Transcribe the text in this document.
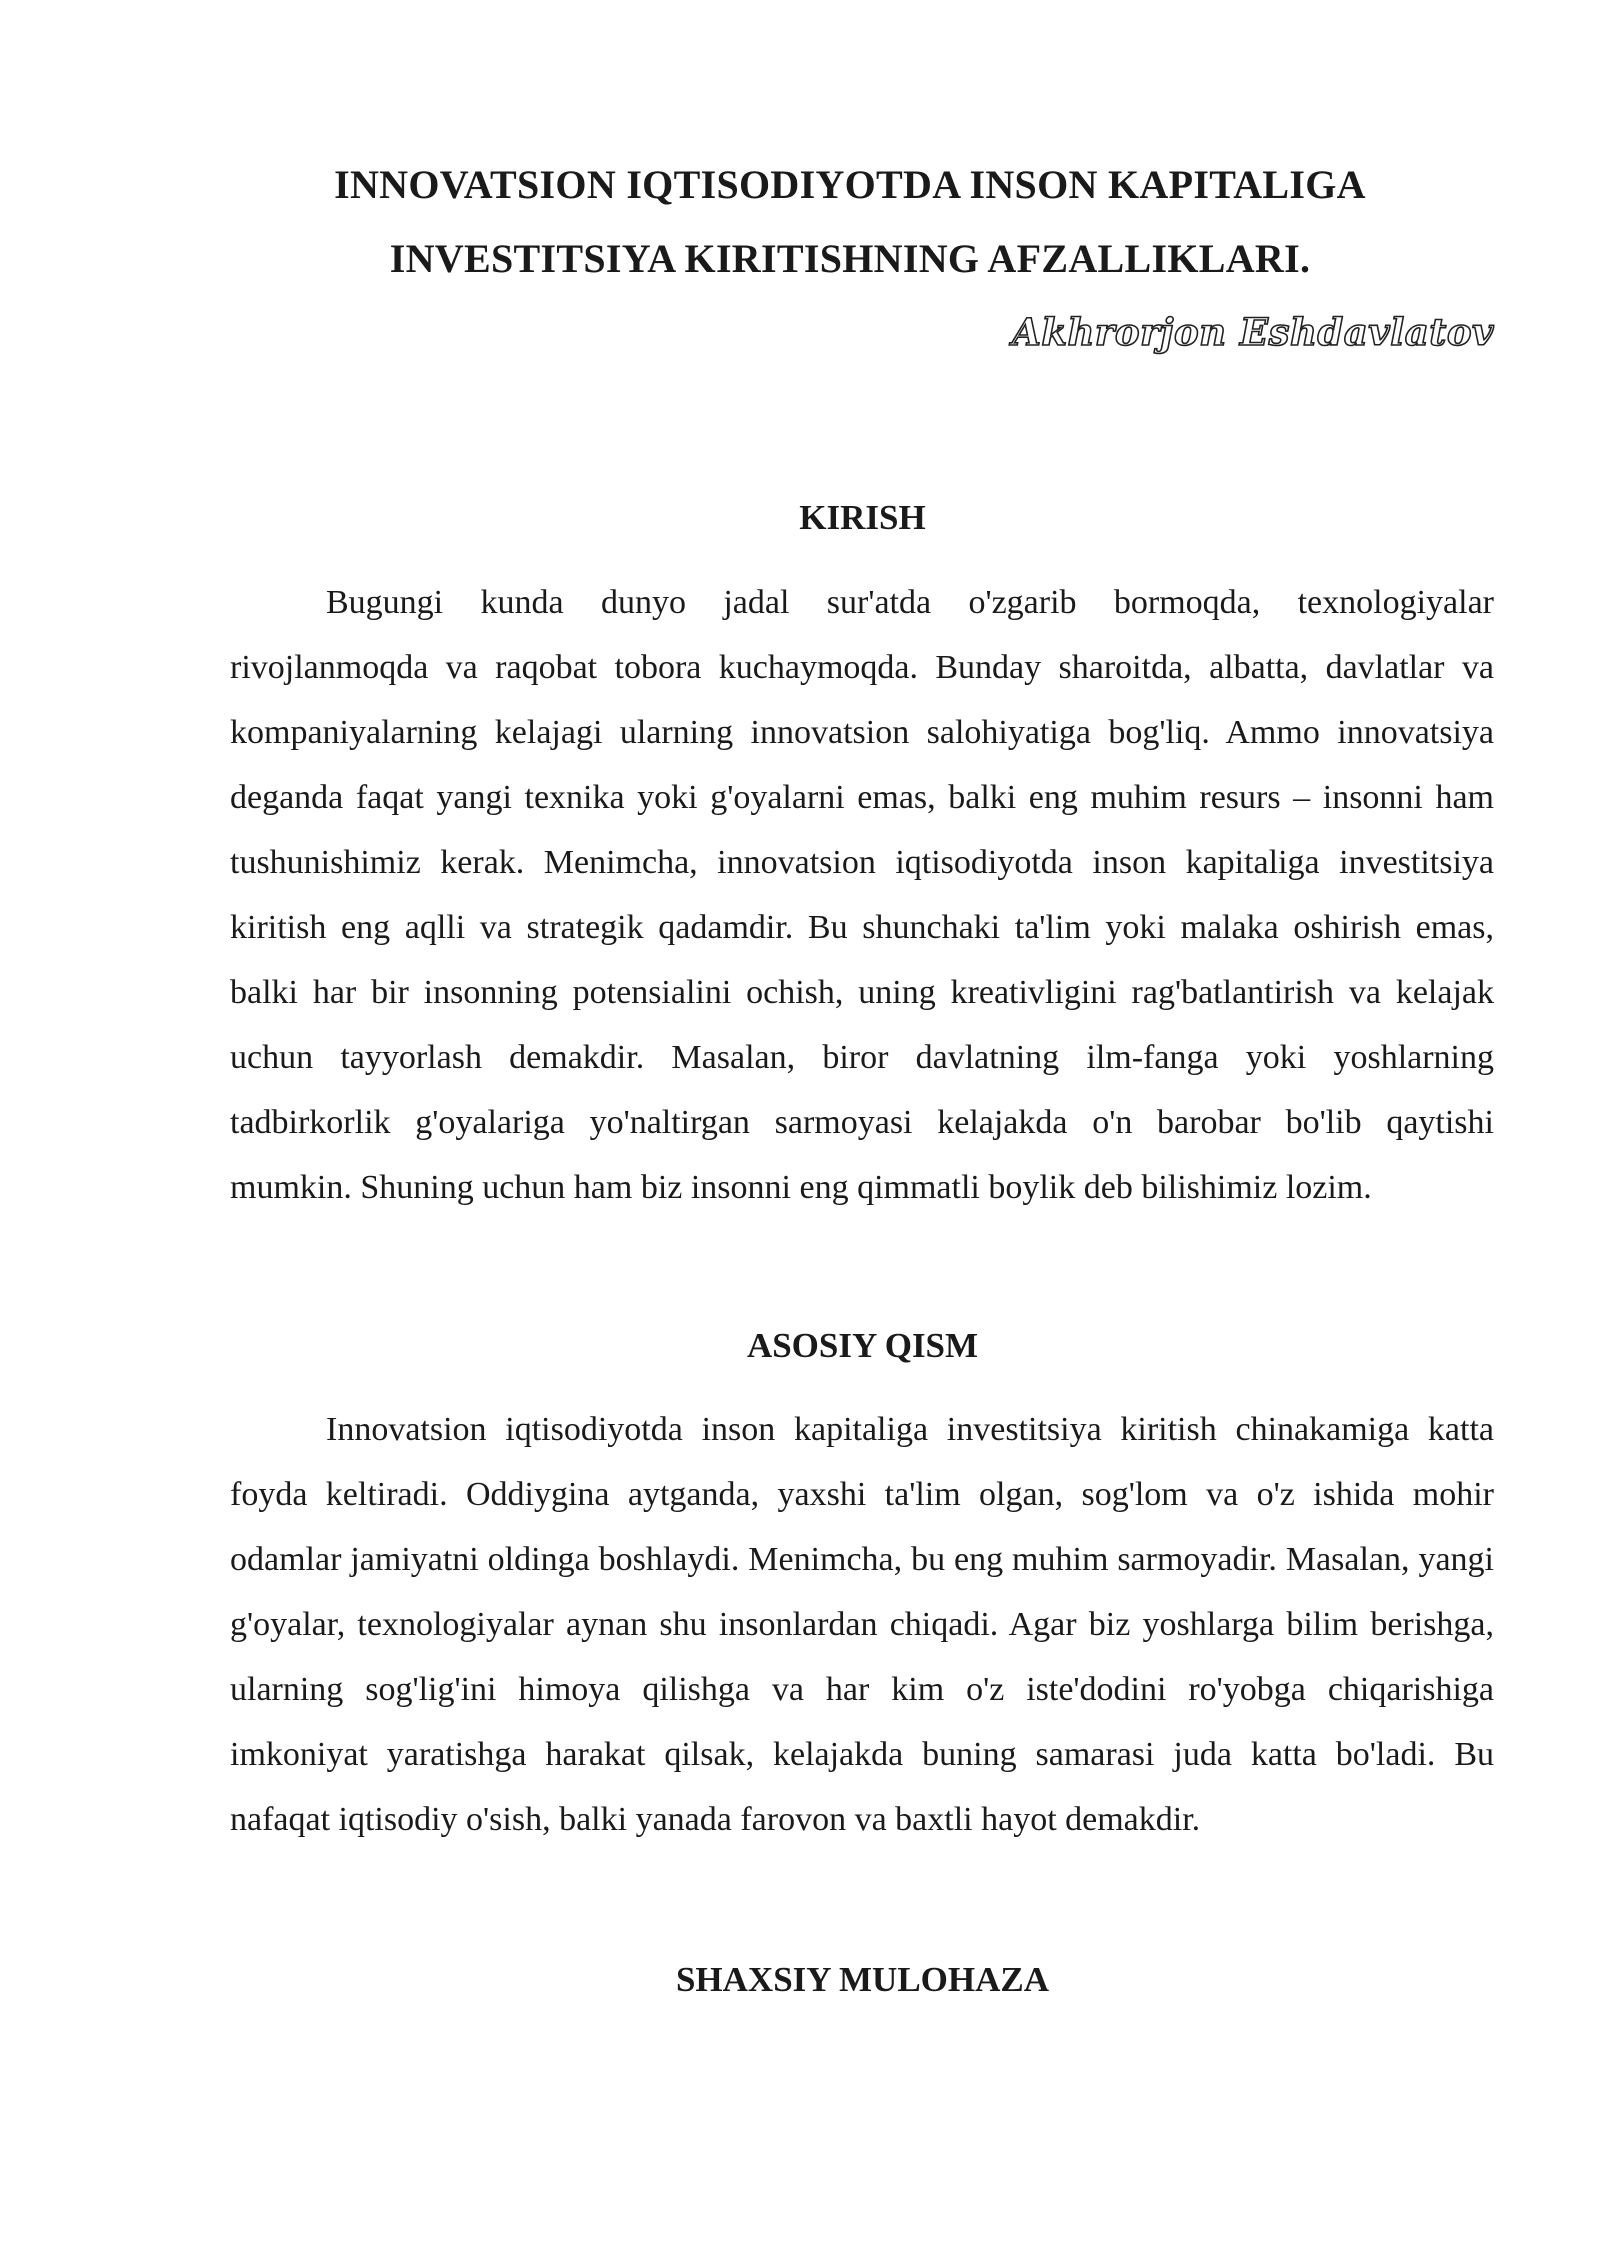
INNOVATSION IQTISODIYOTDA INSON KAPITALIGA
INVESTITSIYA KIRITISHNING AFZALLIKLARI.
Akhrorjon Eshdavlatov
KIRISH

Bugungi kunda dunyo jadal sur'atda o'zgarib bormoqda, texnologiyalar rivojlanmoqda va raqobat tobora kuchaymoqda. Bunday sharoitda, albatta, davlatlar va kompaniyalarning kelajagi ularning innovatsion salohiyatiga bog'liq. Ammo innovatsiya deganda faqat yangi texnika yoki g'oyalarni emas, balki eng muhim resurs – insonni ham tushunishimiz kerak. Menimcha, innovatsion iqtisodiyotda inson kapitaliga investitsiya kiritish eng aqlli va strategik qadamdir. Bu shunchaki ta'lim yoki malaka oshirish emas, balki har bir insonning potensialini ochish, uning kreativligini rag'batlantirish va kelajak uchun tayyorlash demakdir. Masalan, biror davlatning ilm-fanga yoki yoshlarning tadbirkorlik g'oyalariga yo'naltirgan sarmoyasi kelajakda o'n barobar bo'lib qaytishi mumkin. Shuning uchun ham biz insonni eng qimmatli boylik deb bilishimiz lozim.

ASOSIY QISM

Innovatsion iqtisodiyotda inson kapitaliga investitsiya kiritish chinakamiga katta foyda keltiradi. Oddiygina aytganda, yaxshi ta'lim olgan, sog'lom va o'z ishida mohir odamlar jamiyatni oldinga boshlaydi. Menimcha, bu eng muhim sarmoyadir. Masalan, yangi g'oyalar, texnologiyalar aynan shu insonlardan chiqadi. Agar biz yoshlarga bilim berishga, ularning sog'lig'ini himoya qilishga va har kim o'z iste'dodini ro'yobga chiqarishiga imkoniyat yaratishga harakat qilsak, kelajakda buning samarasi juda katta bo'ladi. Bu nafaqat iqtisodiy o'sish, balki yanada farovon va baxtli hayot demakdir.

SHAXSIY MULOHAZA
